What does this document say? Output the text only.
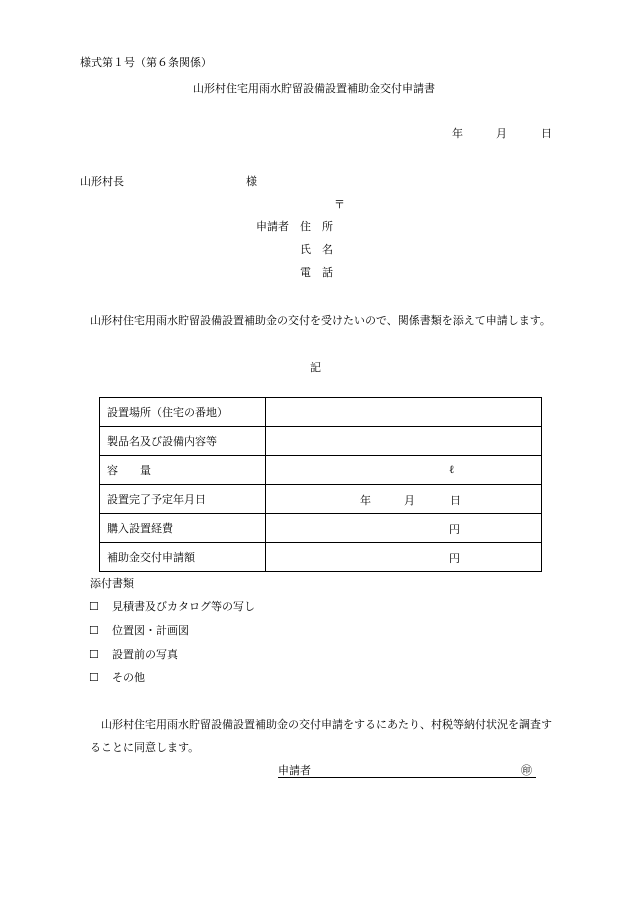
様式第１号（第６条関係）
山形村住宅用雨水貯留設備設置補助金交付申請書
年	月	日
山形村長	様
〒
申請者 住　所
氏　名
電　話
山形村住宅用雨水貯留設備設置補助金の交付を受けたいので、関係書類を添えて申請します。
記
設置場所（住宅の番地）	
製品名及び設備内容等	
容　　量	ℓ

設置完了予定年月日	年 月 日

購入設置経費	円

補助金交付申請額	円
添付書類
☐ 見積書及びカタログ等の写し
☐ 位置図・計画図
☐ 設置前の写真
☐ その他
山形村住宅用雨水貯留設備設置補助金の交付申請をするにあたり、村税等納付状況を調査す
ることに同意します。
申請者	㊞
